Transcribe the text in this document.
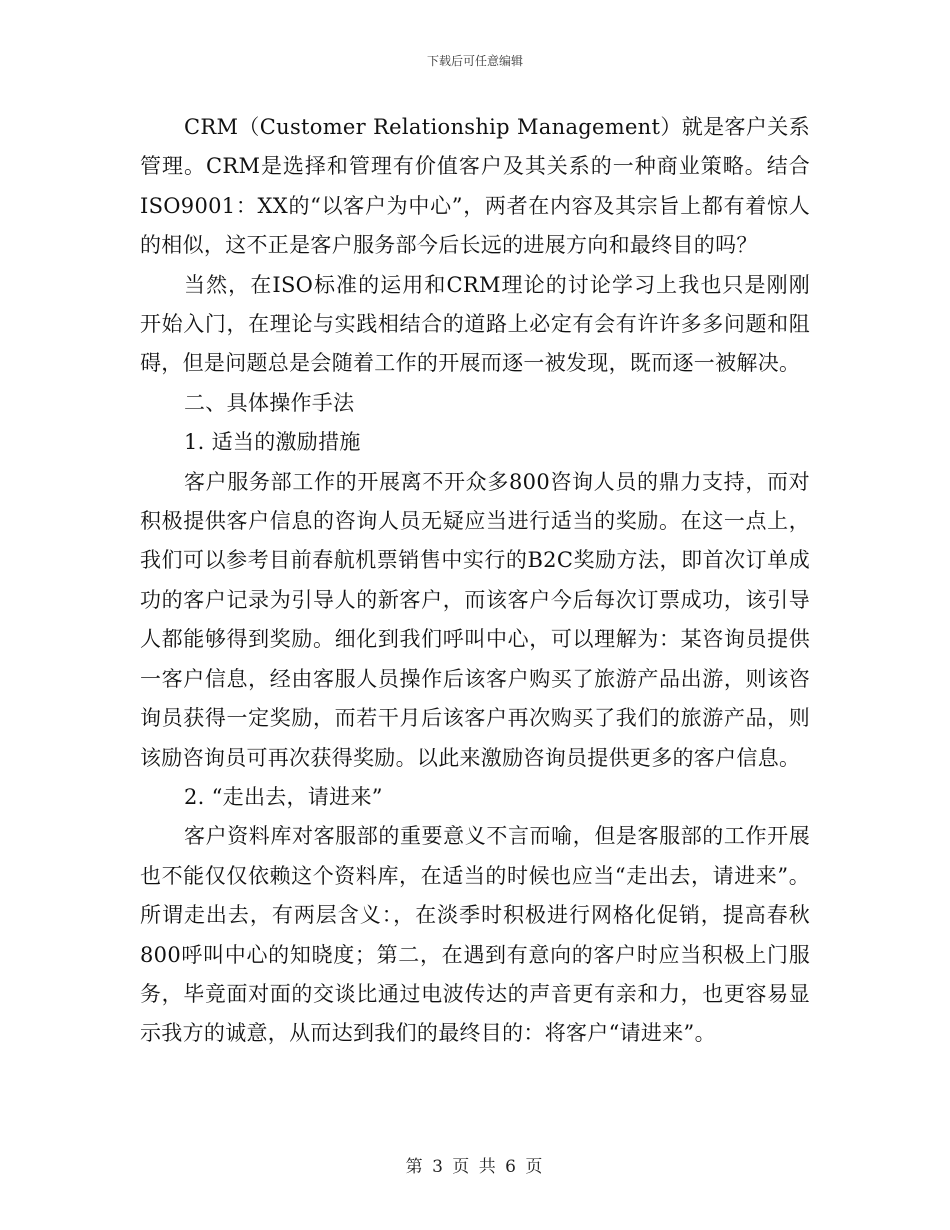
下载后可任意编辑

CRM（Customer Relationship Management）就是客户关系管理。CRM是选择和管理有价值客户及其关系的一种商业策略。结合ISO9001：XX的“以客户为中心”，两者在内容及其宗旨上都有着惊人的相似，这不正是客户服务部今后长远的进展方向和最终目的吗？

当然，在ISO标准的运用和CRM理论的讨论学习上我也只是刚刚开始入门，在理论与实践相结合的道路上必定有会有许许多多问题和阻碍，但是问题总是会随着工作的开展而逐一被发现，既而逐一被解决。

二、具体操作手法

1. 适当的激励措施

客户服务部工作的开展离不开众多800咨询人员的鼎力支持，而对积极提供客户信息的咨询人员无疑应当进行适当的奖励。在这一点上，我们可以参考目前春航机票销售中实行的B2C奖励方法，即首次订单成功的客户记录为引导人的新客户，而该客户今后每次订票成功，该引导人都能够得到奖励。细化到我们呼叫中心，可以理解为：某咨询员提供一客户信息，经由客服人员操作后该客户购买了旅游产品出游，则该咨询员获得一定奖励，而若干月后该客户再次购买了我们的旅游产品，则该励咨询员可再次获得奖励。以此来激励咨询员提供更多的客户信息。

2. “走出去，请进来”

客户资料库对客服部的重要意义不言而喻，但是客服部的工作开展也不能仅仅依赖这个资料库，在适当的时候也应当“走出去，请进来”。所谓走出去，有两层含义：，在淡季时积极进行网格化促销，提高春秋800呼叫中心的知晓度；第二，在遇到有意向的客户时应当积极上门服务，毕竟面对面的交谈比通过电波传达的声音更有亲和力，也更容易显示我方的诚意，从而达到我们的最终目的：将客户“请进来”。

第 3 页 共 6 页
